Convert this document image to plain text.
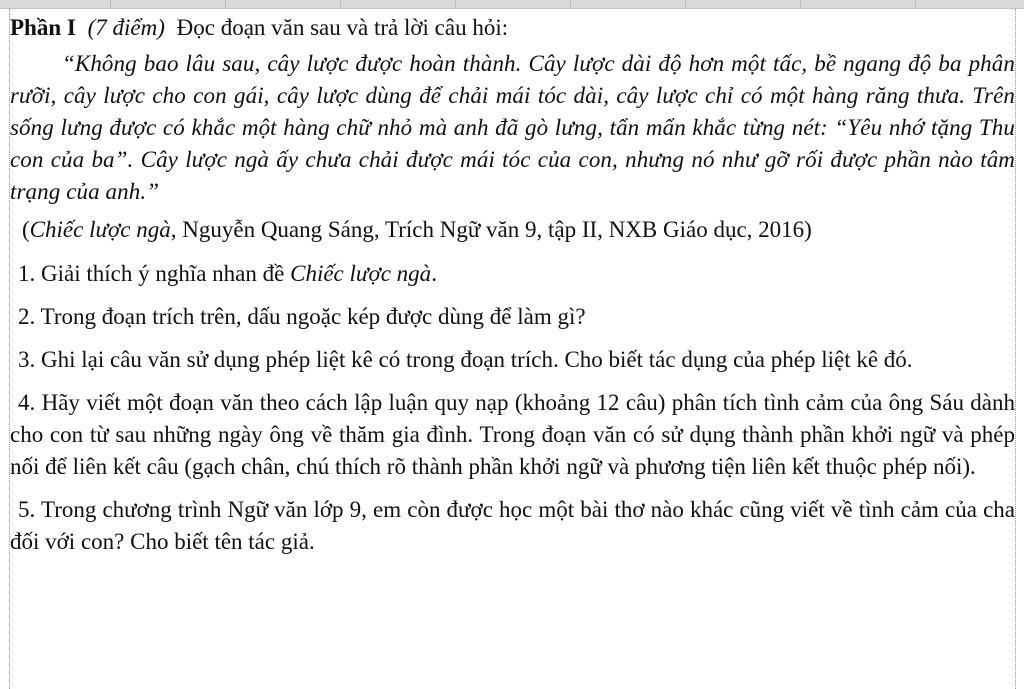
Phần I (7 điểm) Đọc đoạn văn sau và trả lời câu hỏi:

“Không bao lâu sau, cây lược được hoàn thành. Cây lược dài độ hơn một tấc, bề ngang độ ba phân rưỡi, cây lược cho con gái, cây lược dùng để chải mái tóc dài, cây lược chỉ có một hàng răng thưa. Trên sống lưng được có khắc một hàng chữ nhỏ mà anh đã gò lưng, tẩn mẩn khắc từng nét: “Yêu nhớ tặng Thu con của ba”. Cây lược ngà ấy chưa chải được mái tóc của con, nhưng nó như gỡ rối được phần nào tâm trạng của anh.”

(Chiếc lược ngà, Nguyễn Quang Sáng, Trích Ngữ văn 9, tập II, NXB Giáo dục, 2016)

1. Giải thích ý nghĩa nhan đề Chiếc lược ngà.

2. Trong đoạn trích trên, dấu ngoặc kép được dùng để làm gì?

3. Ghi lại câu văn sử dụng phép liệt kê có trong đoạn trích. Cho biết tác dụng của phép liệt kê đó.

4. Hãy viết một đoạn văn theo cách lập luận quy nạp (khoảng 12 câu) phân tích tình cảm của ông Sáu dành cho con từ sau những ngày ông về thăm gia đình. Trong đoạn văn có sử dụng thành phần khởi ngữ và phép nối để liên kết câu (gạch chân, chú thích rõ thành phần khởi ngữ và phương tiện liên kết thuộc phép nối).

5. Trong chương trình Ngữ văn lớp 9, em còn được học một bài thơ nào khác cũng viết về tình cảm của cha đối với con? Cho biết tên tác giả.
